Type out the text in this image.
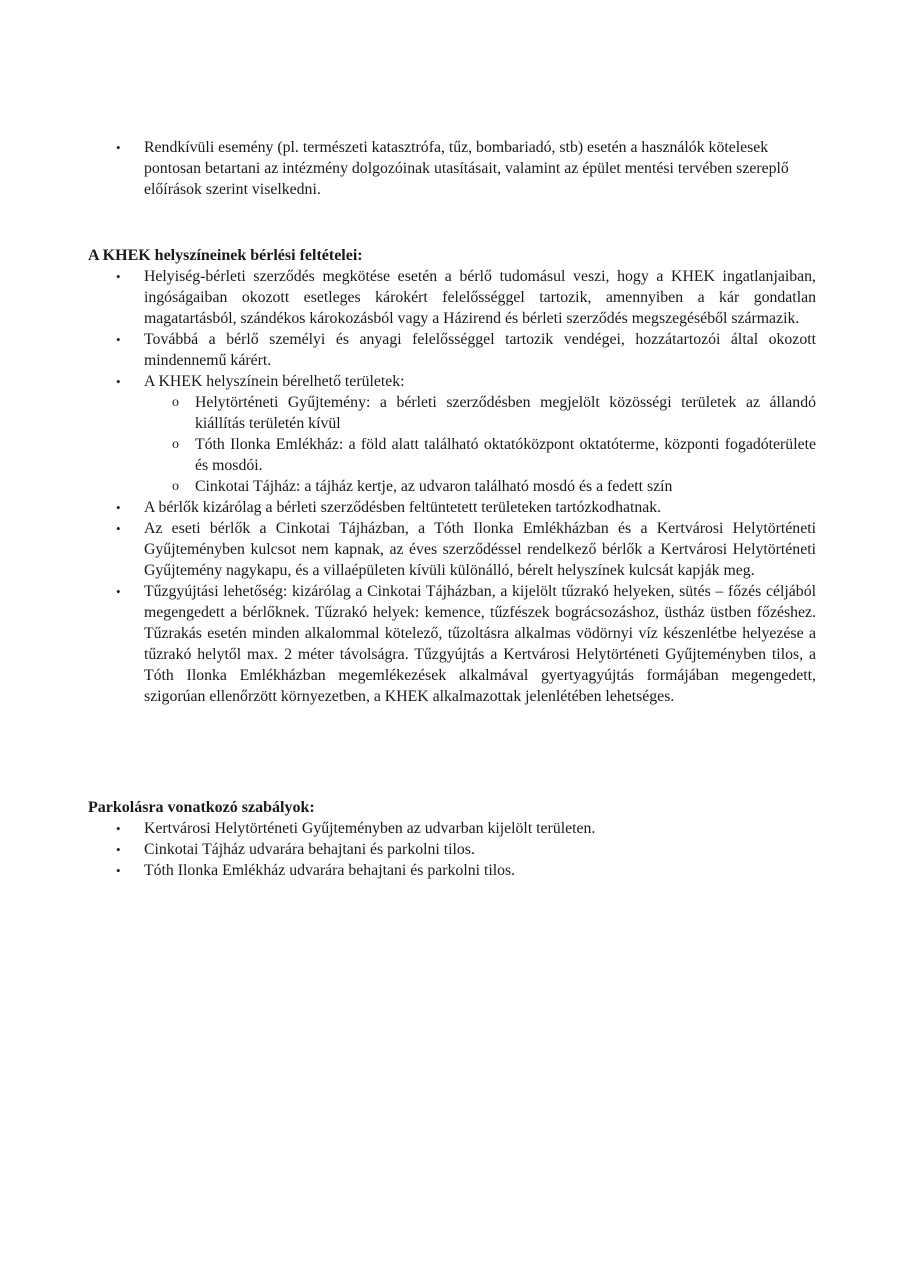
• Rendkívüli esemény (pl. természeti katasztrófa, tűz, bombariadó, stb) esetén a használók kötelesek pontosan betartani az intézmény dolgozóinak utasításait, valamint az épület mentési tervében szereplő előírások szerint viselkedni.
A KHEK helyszíneinek bérlési feltételei:
• Helyiség-bérleti szerződés megkötése esetén a bérlő tudomásul veszi, hogy a KHEK ingatlanjaiban, ingóságaiban okozott esetleges károkért felelősséggel tartozik, amennyiben a kár gondatlan magatartásból, szándékos károkozásból vagy a Házirend és bérleti szerződés megszegéséből származik.
• Továbbá a bérlő személyi és anyagi felelősséggel tartozik vendégei, hozzátartozói által okozott mindennemű kárért.
• A KHEK helyszínein bérelhető területek:
o Helytörténeti Gyűjtemény: a bérleti szerződésben megjelölt közösségi területek az állandó kiállítás területén kívül
o Tóth Ilonka Emlékház: a föld alatt található oktatóközpont oktatóterme, központi fogadóterülete és mosdói.
o Cinkotai Tájház: a tájház kertje, az udvaron található mosdó és a fedett szín
• A bérlők kizárólag a bérleti szerződésben feltüntetett területeken tartózkodhatnak.
• Az eseti bérlők a Cinkotai Tájházban, a Tóth Ilonka Emlékházban és a Kertvárosi Helytörténeti Gyűjteményben kulcsot nem kapnak, az éves szerződéssel rendelkező bérlők a Kertvárosi Helytörténeti Gyűjtemény nagykapu, és a villaépületen kívüli különálló, bérelt helyszínek kulcsát kapják meg.
• Tűzgyújtási lehetőség: kizárólag a Cinkotai Tájházban, a kijelölt tűzrakó helyeken, sütés – főzés céljából megengedett a bérlőknek. Tűzrakó helyek: kemence, tűzfészek bográcsozáshoz, üstház üstben főzéshez. Tűzrakás esetén minden alkalommal kötelező, tűzoltásra alkalmas vödörnyi víz készenlétbe helyezése a tűzrakó helytől max. 2 méter távolságra. Tűzgyújtás a Kertvárosi Helytörténeti Gyűjteményben tilos, a Tóth Ilonka Emlékházban megemlékezések alkalmával gyertyagyújtás formájában megengedett, szigorúan ellenőrzött környezetben, a KHEK alkalmazottak jelenlétében lehetséges.
Parkolásra vonatkozó szabályok:
• Kertvárosi Helytörténeti Gyűjteményben az udvarban kijelölt területen.
• Cinkotai Tájház udvarára behajtani és parkolni tilos.
• Tóth Ilonka Emlékház udvarára behajtani és parkolni tilos.
